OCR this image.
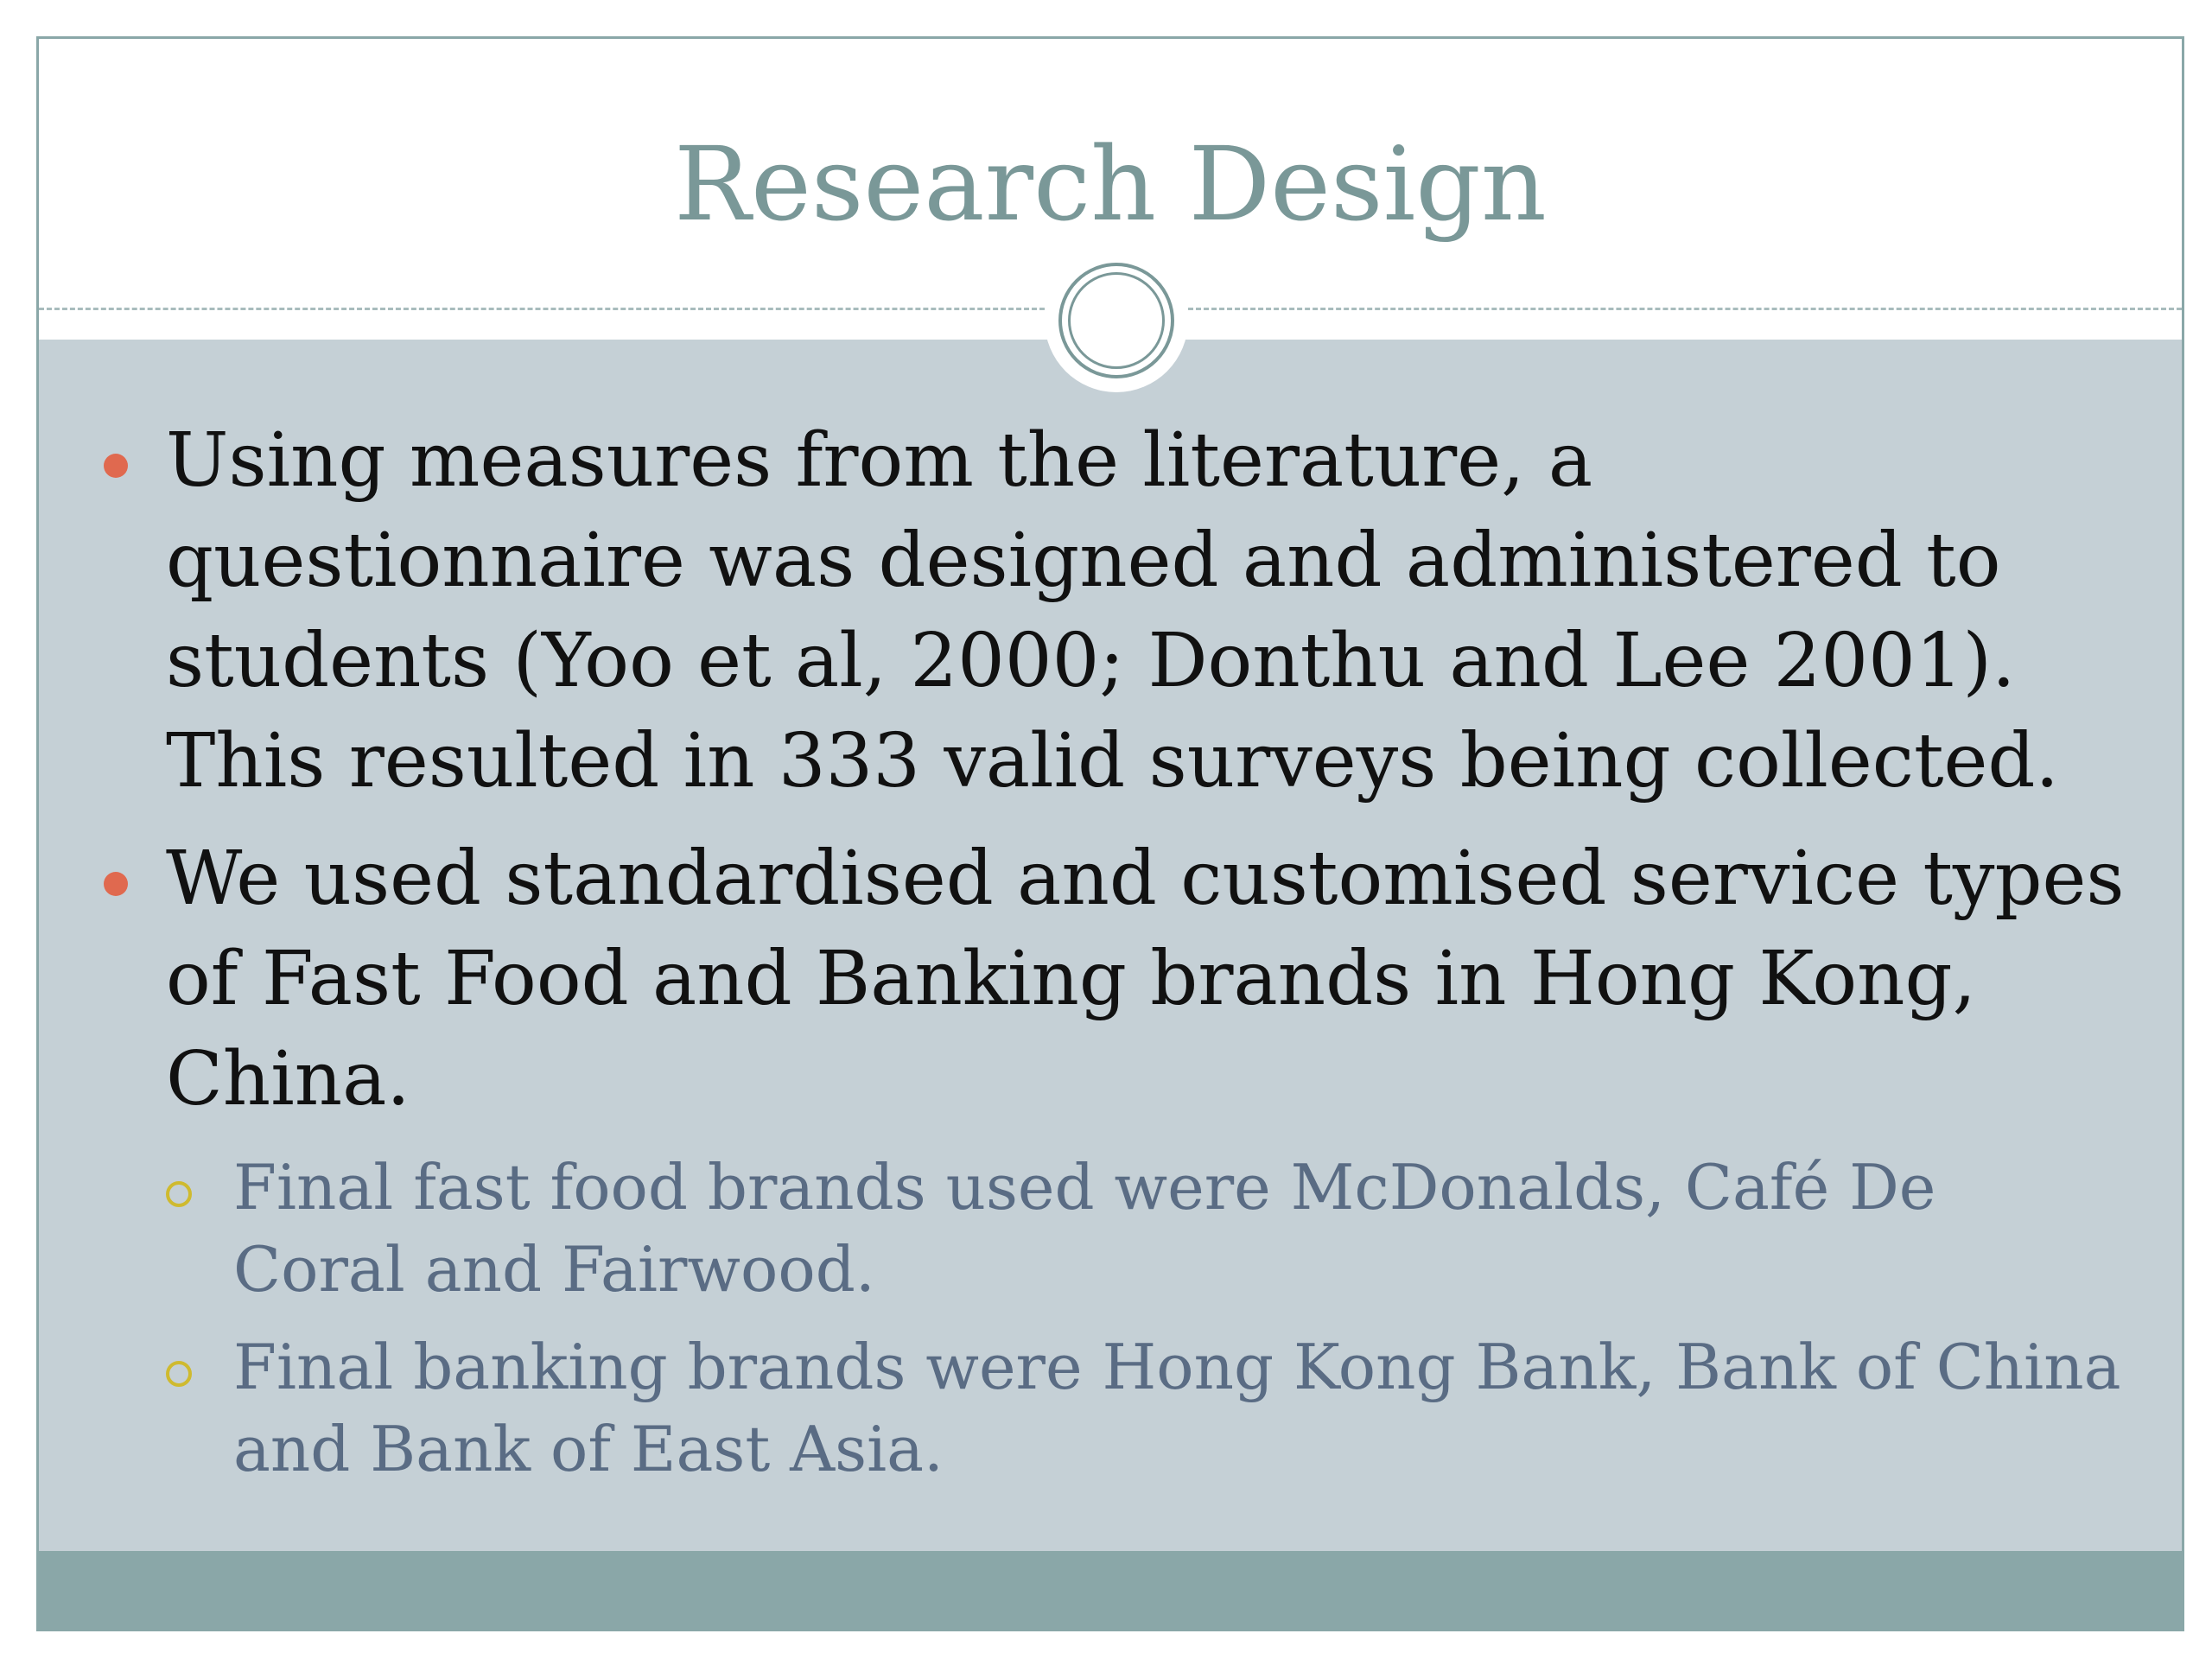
Research Design
Using measures from the literature, a questionnaire was designed and administered to students (Yoo et al, 2000; Donthu and Lee 2001). This resulted in 333 valid surveys being collected.
We used standardised and customised service types of Fast Food and Banking brands in Hong Kong, China.
Final fast food brands used were McDonalds, Café De Coral and Fairwood.
Final banking brands were Hong Kong Bank, Bank of China and Bank of East Asia.
